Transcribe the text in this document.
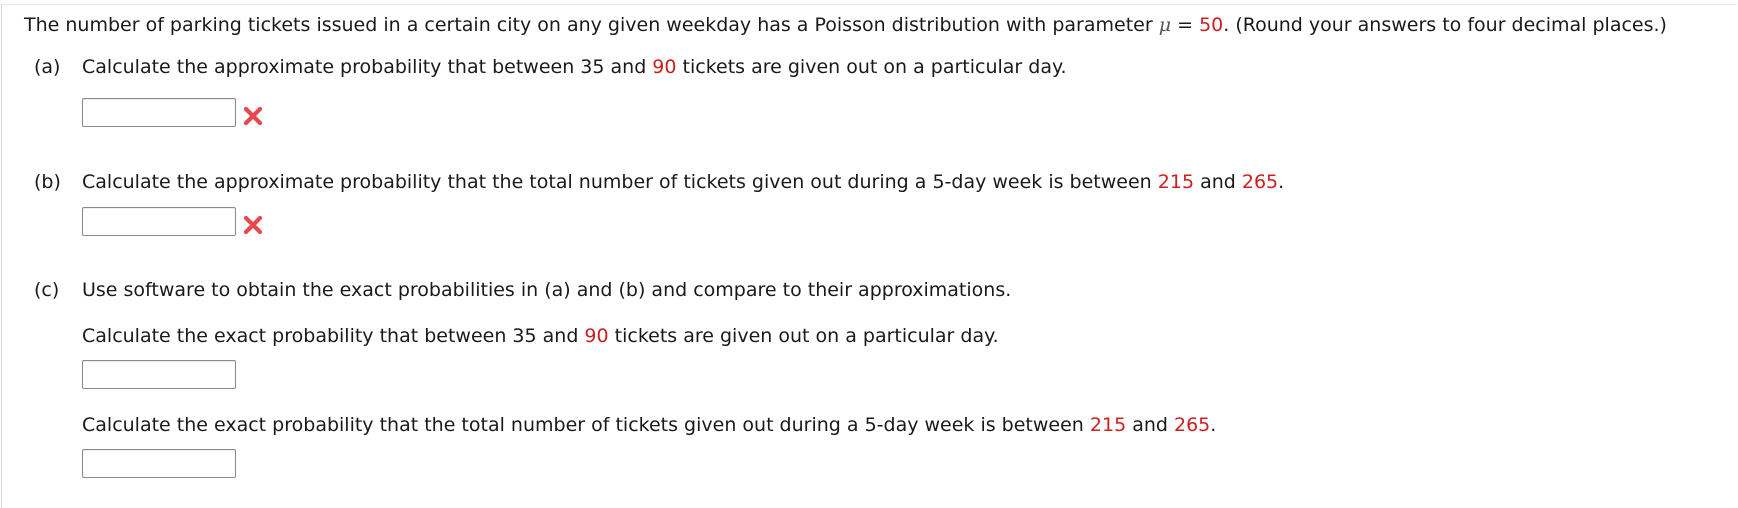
The number of parking tickets issued in a certain city on any given weekday has a Poisson distribution with parameter μ = 50. (Round your answers to four decimal places.)
(a) Calculate the approximate probability that between 35 and 90 tickets are given out on a particular day.
(b) Calculate the approximate probability that the total number of tickets given out during a 5-day week is between 215 and 265.
(c) Use software to obtain the exact probabilities in (a) and (b) and compare to their approximations.
Calculate the exact probability that between 35 and 90 tickets are given out on a particular day.
Calculate the exact probability that the total number of tickets given out during a 5-day week is between 215 and 265.
